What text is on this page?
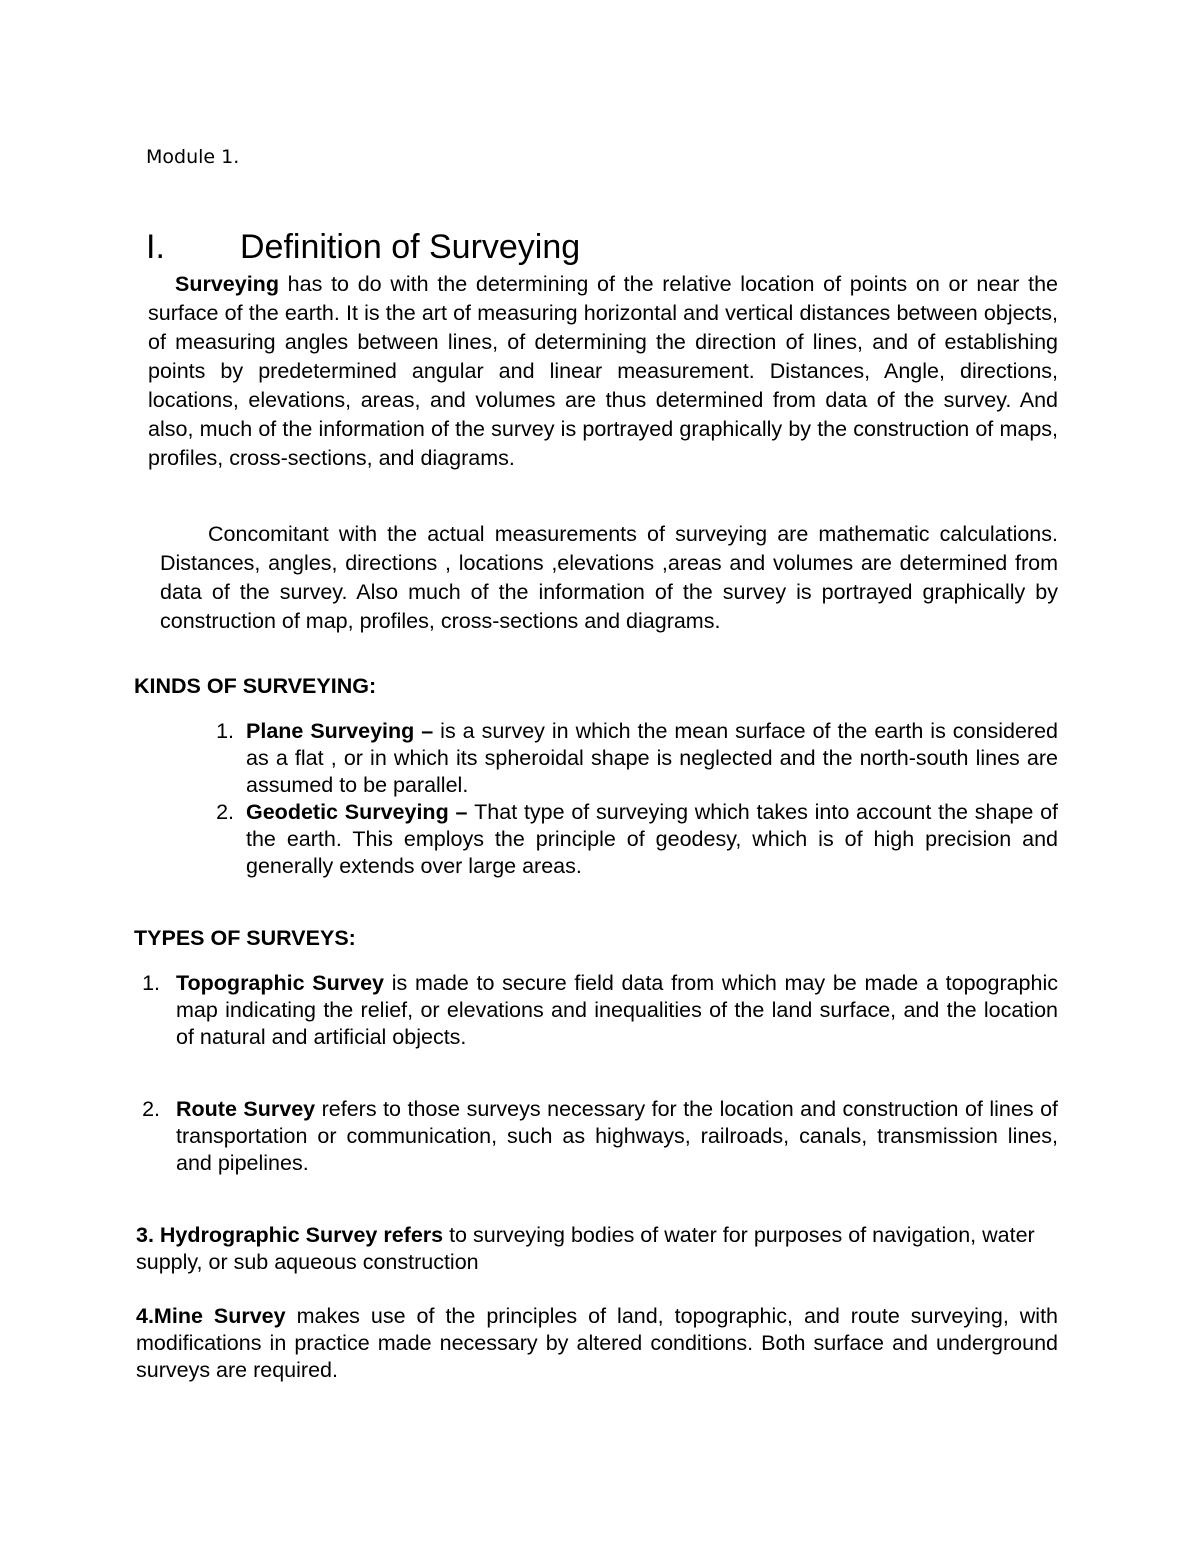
Module 1.
I. Definition of Surveying

Surveying has to do with the determining of the relative location of points on or near the surface of the earth. It is the art of measuring horizontal and vertical distances between objects, of measuring angles between lines, of determining the direction of lines, and of establishing points by predetermined angular and linear measurement. Distances, Angle, directions, locations, elevations, areas, and volumes are thus determined from data of the survey. And also, much of the information of the survey is portrayed graphically by the construction of maps, profiles, cross-sections, and diagrams.

Concomitant with the actual measurements of surveying are mathematic calculations. Distances, angles, directions , locations ,elevations ,areas and volumes are determined from data of the survey. Also much of the information of the survey is portrayed graphically by construction of map, profiles, cross-sections and diagrams.

KINDS OF SURVEYING:
1. Plane Surveying – is a survey in which the mean surface of the earth is considered as a flat , or in which its spheroidal shape is neglected and the north-south lines are assumed to be parallel.
2. Geodetic Surveying – That type of surveying which takes into account the shape of the earth. This employs the principle of geodesy, which is of high precision and generally extends over large areas.
TYPES OF SURVEYS:
1. Topographic Survey is made to secure field data from which may be made a topographic map indicating the relief, or elevations and inequalities of the land surface, and the location of natural and artificial objects.
2. Route Survey refers to those surveys necessary for the location and construction of lines of transportation or communication, such as highways, railroads, canals, transmission lines, and pipelines.

3. Hydrographic Survey refers to surveying bodies of water for purposes of navigation, water supply, or sub aqueous construction

4.Mine Survey makes use of the principles of land, topographic, and route surveying, with modifications in practice made necessary by altered conditions. Both surface and underground surveys are required.
